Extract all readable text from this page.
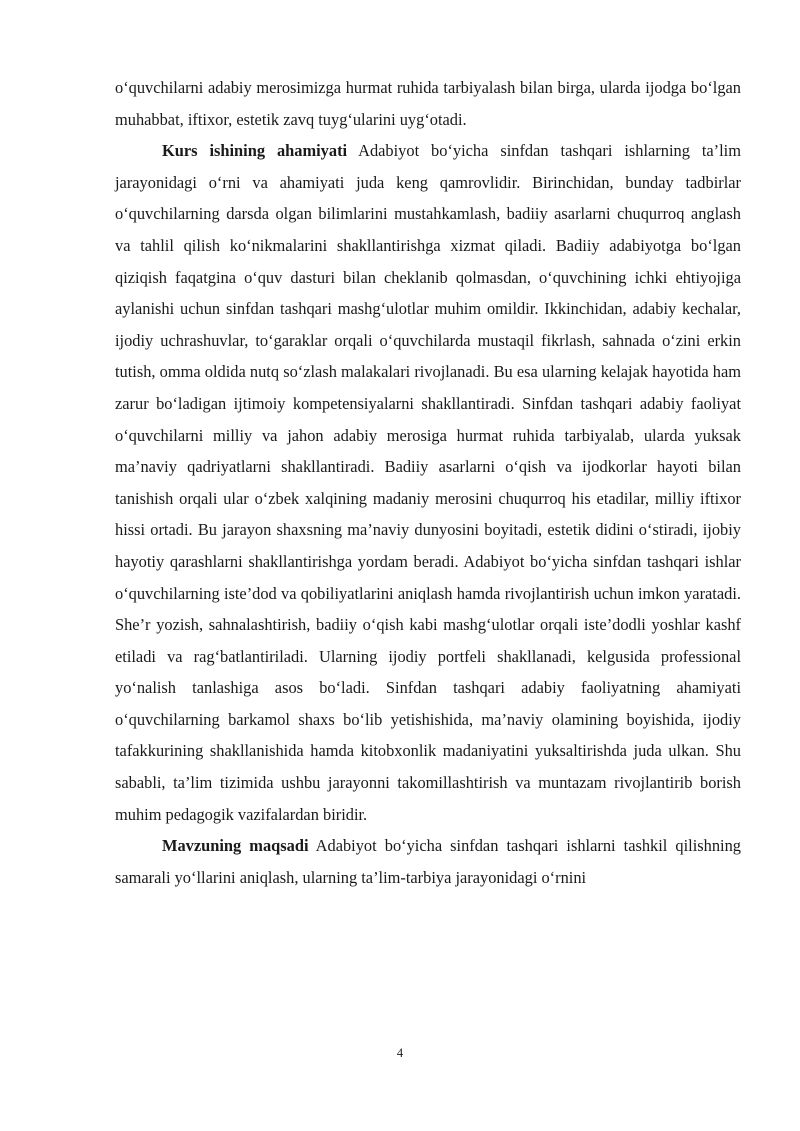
o‘quvchilarni adabiy merosimizga hurmat ruhida tarbiyalash bilan birga, ularda ijodga bo‘lgan muhabbat, iftixor, estetik zavq tuyg‘ularini uyg‘otadi.

Kurs ishining ahamiyati Adabiyot bo‘yicha sinfdan tashqari ishlarning ta’lim jarayonidagi o‘rni va ahamiyati juda keng qamrovlidir. Birinchidan, bunday tadbirlar o‘quvchilarning darsda olgan bilimlarini mustahkamlash, badiiy asarlarni chuqurroq anglash va tahlil qilish ko‘nikmalarini shakllantirishga xizmat qiladi. Badiiy adabiyotga bo‘lgan qiziqish faqatgina o‘quv dasturi bilan cheklanib qolmasdan, o‘quvchining ichki ehtiyojiga aylanishi uchun sinfdan tashqari mashg‘ulotlar muhim omildir. Ikkinchidan, adabiy kechalar, ijodiy uchrashuvlar, to‘garaklar orqali o‘quvchilarda mustaqil fikrlash, sahnada o‘zini erkin tutish, omma oldida nutq so‘zlash malakalari rivojlanadi. Bu esa ularning kelajak hayotida ham zarur bo‘ladigan ijtimoiy kompetensiyalarni shakllantiradi. Sinfdan tashqari adabiy faoliyat o‘quvchilarni milliy va jahon adabiy merosiga hurmat ruhida tarbiyalab, ularda yuksak ma’naviy qadriyatlarni shakllantiradi. Badiiy asarlarni o‘qish va ijodkorlar hayoti bilan tanishish orqali ular o‘zbek xalqining madaniy merosini chuqurroq his etadilar, milliy iftixor hissi ortadi. Bu jarayon shaxsning ma’naviy dunyosini boyitadi, estetik didini o‘stiradi, ijobiy hayotiy qarashlarni shakllantirishga yordam beradi. Adabiyot bo‘yicha sinfdan tashqari ishlar o‘quvchilarning iste’dod va qobiliyatlarini aniqlash hamda rivojlantirish uchun imkon yaratadi. She’r yozish, sahnalashtirish, badiiy o‘qish kabi mashg‘ulotlar orqali iste’dodli yoshlar kashf etiladi va rag‘batlantiriladi. Ularning ijodiy portfeli shakllanadi, kelgusida professional yo‘nalish tanlashiga asos bo‘ladi. Sinfdan tashqari adabiy faoliyatning ahamiyati o‘quvchilarning barkamol shaxs bo‘lib yetishishida, ma’naviy olamining boyishida, ijodiy tafakkurining shakllanishida hamda kitobxonlik madaniyatini yuksaltirishda juda ulkan. Shu sababli, ta’lim tizimida ushbu jarayonni takomillashtirish va muntazam rivojlantirib borish muhim pedagogik vazifalardan biridir.

Mavzuning maqsadi Adabiyot bo‘yicha sinfdan tashqari ishlarni tashkil qilishning samarali yo‘llarini aniqlash, ularning ta’lim-tarbiya jarayonidagi o‘rnini

4
